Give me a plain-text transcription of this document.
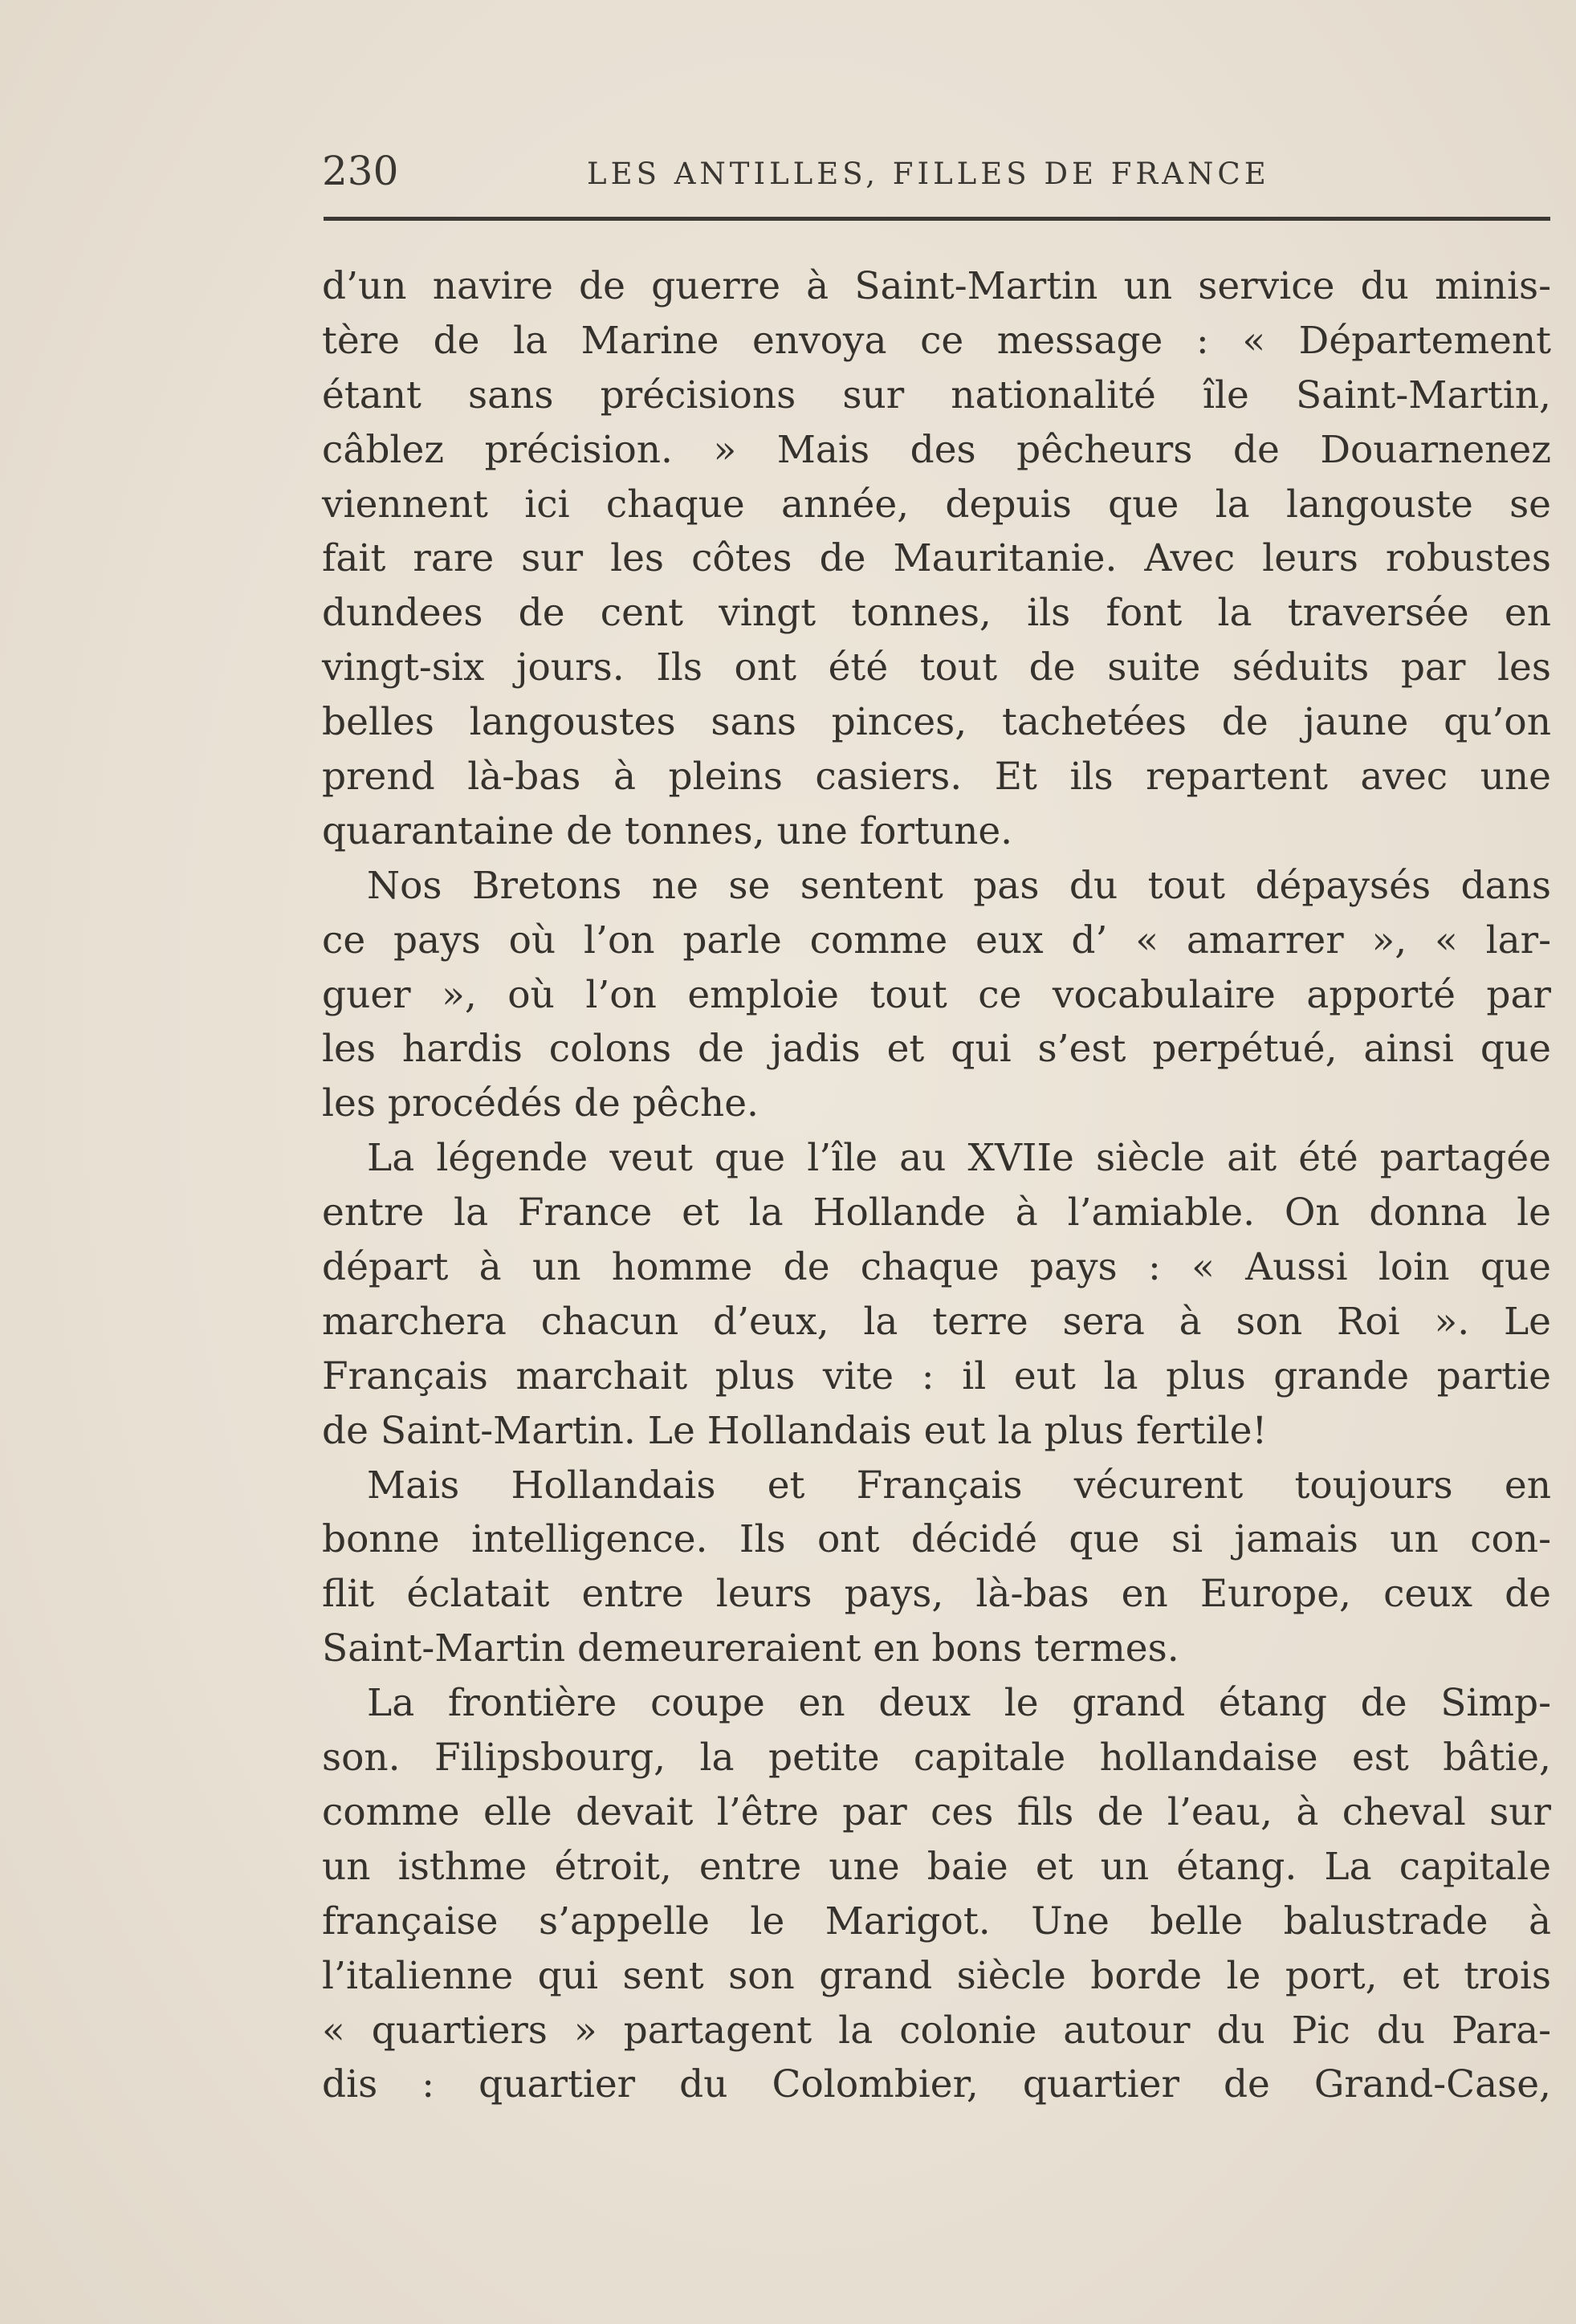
230	LES ANTILLES, FILLES DE FRANCE
d’un navire de guerre à Saint-Martin un service du minis-
tère de la Marine envoya ce message : « Département
étant sans précisions sur nationalité île Saint-Martin,
câblez précision. » Mais des pêcheurs de Douarnenez
viennent ici chaque année, depuis que la langouste se
fait rare sur les côtes de Mauritanie. Avec leurs robustes
dundees de cent vingt tonnes, ils font la traversée en
vingt-six jours. Ils ont été tout de suite séduits par les
belles langoustes sans pinces, tachetées de jaune qu’on
prend là-bas à pleins casiers. Et ils repartent avec une
quarantaine de tonnes, une fortune.
Nos Bretons ne se sentent pas du tout dépaysés dans
ce pays où l’on parle comme eux d’ « amarrer », « lar-
guer », où l’on emploie tout ce vocabulaire apporté par
les hardis colons de jadis et qui s’est perpétué, ainsi que
les procédés de pêche.
La légende veut que l’île au XVIIe siècle ait été partagée
entre la France et la Hollande à l’amiable. On donna le
départ à un homme de chaque pays : « Aussi loin que
marchera chacun d’eux, la terre sera à son Roi ». Le
Français marchait plus vite : il eut la plus grande partie
de Saint-Martin. Le Hollandais eut la plus fertile!
Mais Hollandais et Français vécurent toujours en
bonne intelligence. Ils ont décidé que si jamais un con-
flit éclatait entre leurs pays, là-bas en Europe, ceux de
Saint-Martin demeureraient en bons termes.
La frontière coupe en deux le grand étang de Simp-
son. Filipsbourg, la petite capitale hollandaise est bâtie,
comme elle devait l’être par ces fils de l’eau, à cheval sur
un isthme étroit, entre une baie et un étang. La capitale
française s’appelle le Marigot. Une belle balustrade à
l’italienne qui sent son grand siècle borde le port, et trois
« quartiers » partagent la colonie autour du Pic du Para-
dis : quartier du Colombier, quartier de Grand-Case,
